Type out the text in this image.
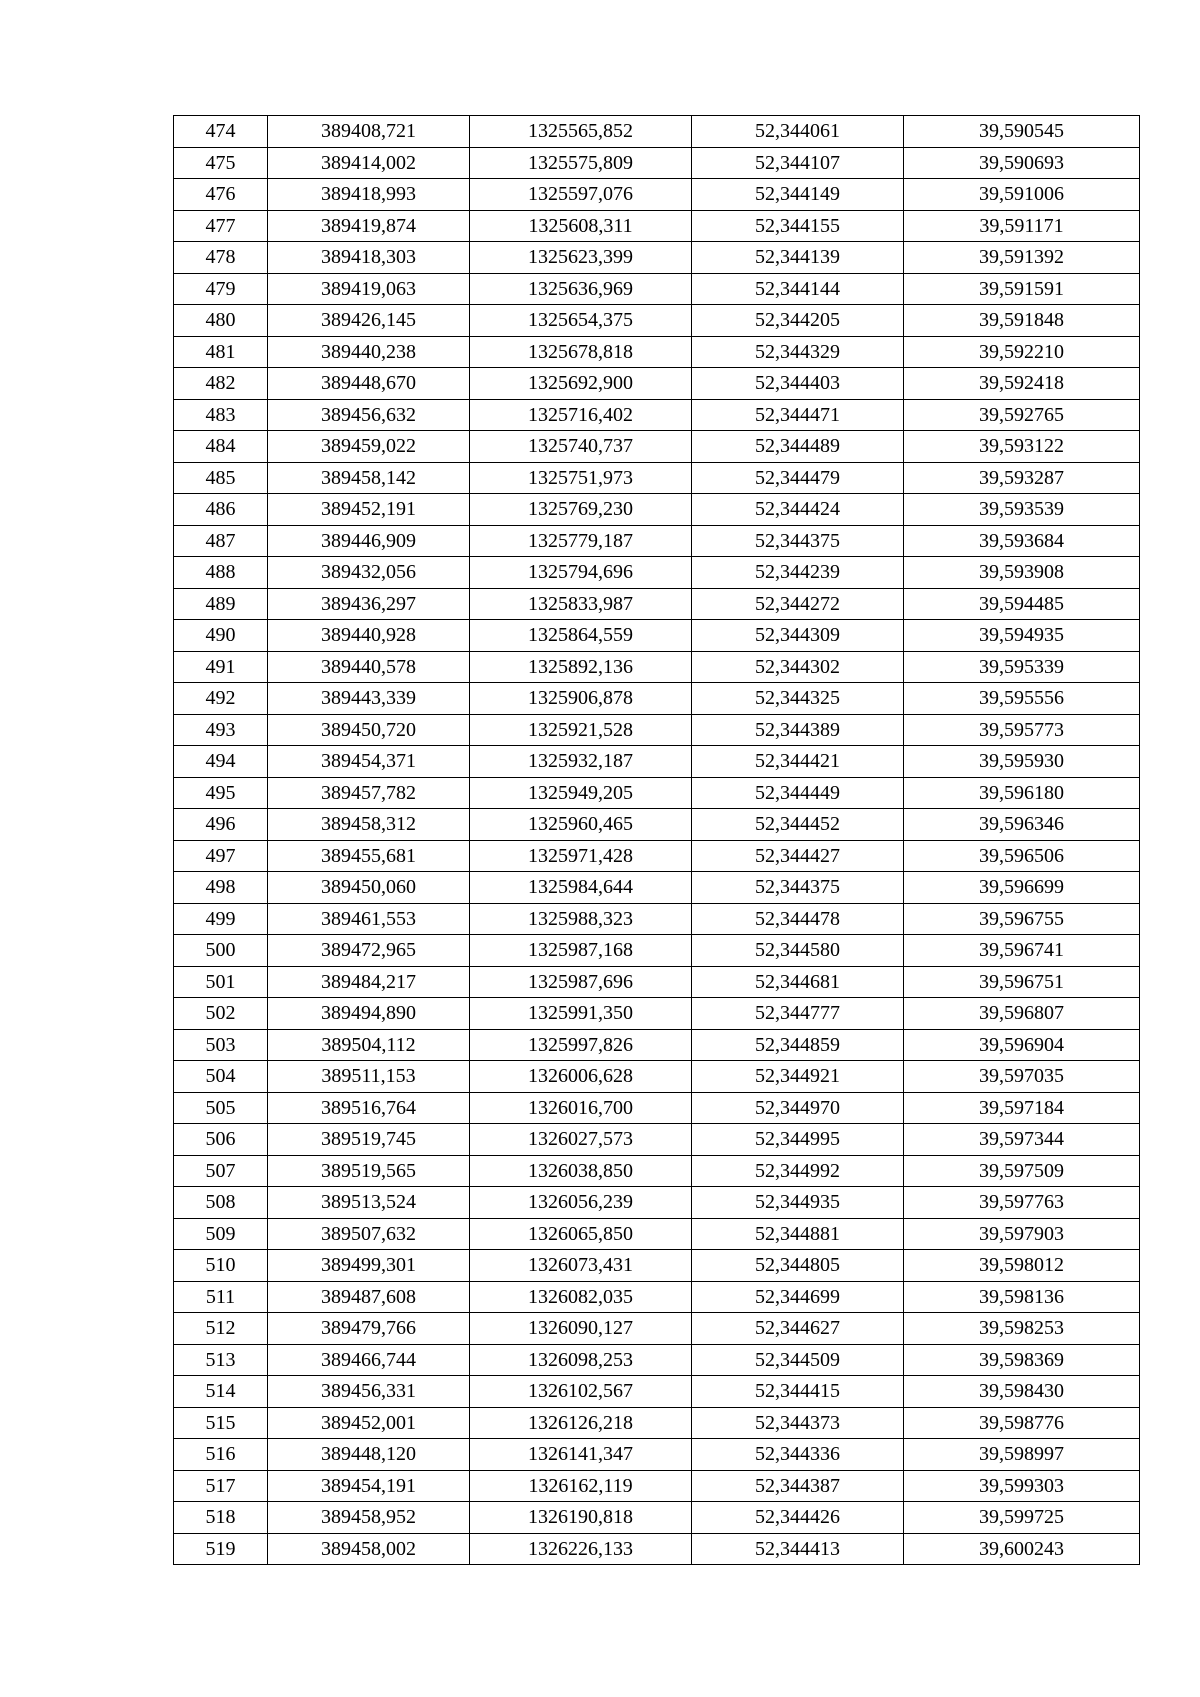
474	389408,721	1325565,852	52,344061	39,590545
475	389414,002	1325575,809	52,344107	39,590693
476	389418,993	1325597,076	52,344149	39,591006
477	389419,874	1325608,311	52,344155	39,591171
478	389418,303	1325623,399	52,344139	39,591392
479	389419,063	1325636,969	52,344144	39,591591
480	389426,145	1325654,375	52,344205	39,591848
481	389440,238	1325678,818	52,344329	39,592210
482	389448,670	1325692,900	52,344403	39,592418
483	389456,632	1325716,402	52,344471	39,592765
484	389459,022	1325740,737	52,344489	39,593122
485	389458,142	1325751,973	52,344479	39,593287
486	389452,191	1325769,230	52,344424	39,593539
487	389446,909	1325779,187	52,344375	39,593684
488	389432,056	1325794,696	52,344239	39,593908
489	389436,297	1325833,987	52,344272	39,594485
490	389440,928	1325864,559	52,344309	39,594935
491	389440,578	1325892,136	52,344302	39,595339
492	389443,339	1325906,878	52,344325	39,595556
493	389450,720	1325921,528	52,344389	39,595773
494	389454,371	1325932,187	52,344421	39,595930
495	389457,782	1325949,205	52,344449	39,596180
496	389458,312	1325960,465	52,344452	39,596346
497	389455,681	1325971,428	52,344427	39,596506
498	389450,060	1325984,644	52,344375	39,596699
499	389461,553	1325988,323	52,344478	39,596755
500	389472,965	1325987,168	52,344580	39,596741
501	389484,217	1325987,696	52,344681	39,596751
502	389494,890	1325991,350	52,344777	39,596807
503	389504,112	1325997,826	52,344859	39,596904
504	389511,153	1326006,628	52,344921	39,597035
505	389516,764	1326016,700	52,344970	39,597184
506	389519,745	1326027,573	52,344995	39,597344
507	389519,565	1326038,850	52,344992	39,597509
508	389513,524	1326056,239	52,344935	39,597763
509	389507,632	1326065,850	52,344881	39,597903
510	389499,301	1326073,431	52,344805	39,598012
511	389487,608	1326082,035	52,344699	39,598136
512	389479,766	1326090,127	52,344627	39,598253
513	389466,744	1326098,253	52,344509	39,598369
514	389456,331	1326102,567	52,344415	39,598430
515	389452,001	1326126,218	52,344373	39,598776
516	389448,120	1326141,347	52,344336	39,598997
517	389454,191	1326162,119	52,344387	39,599303
518	389458,952	1326190,818	52,344426	39,599725
519	389458,002	1326226,133	52,344413	39,600243
